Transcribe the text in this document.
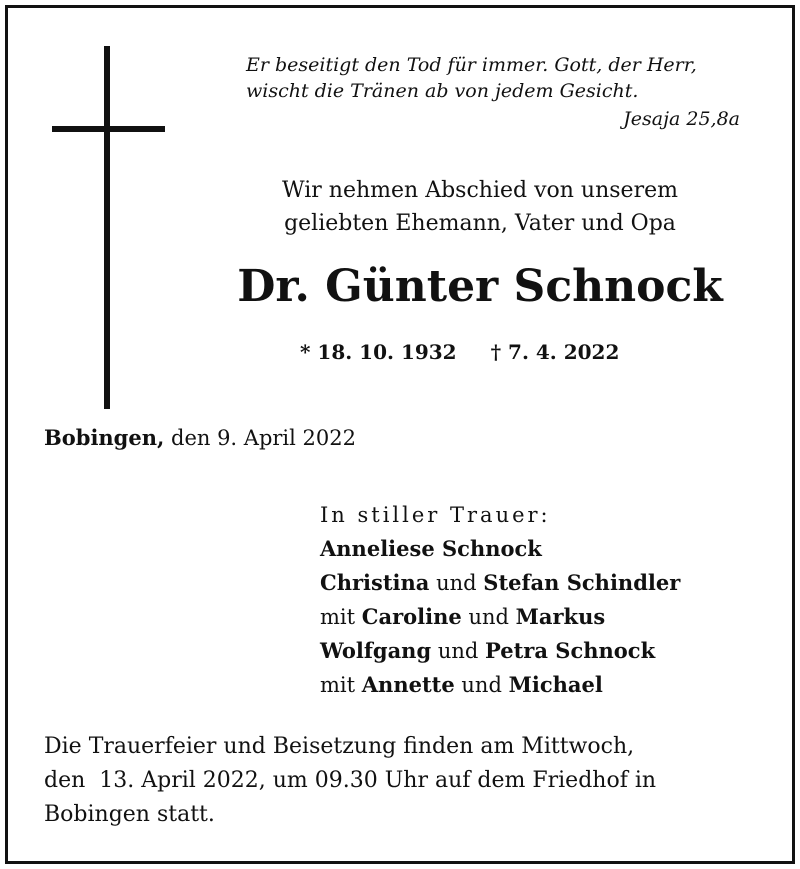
Er beseitigt den Tod für immer. Gott, der Herr,
wischt die Tränen ab von jedem Gesicht.
Jesaja 25,8a
Wir nehmen Abschied von unserem
geliebten Ehemann, Vater und Opa
Dr. Günter Schnock
* 18. 10. 1932 † 7. 4. 2022
Bobingen, den 9. April 2022
In stiller Trauer:
Anneliese Schnock
Christina und Stefan Schindler
mit Caroline und Markus
Wolfgang und Petra Schnock
mit Annette und Michael
Die Trauerfeier und Beisetzung finden am Mittwoch,
den  13. April 2022, um 09.30 Uhr auf dem Friedhof in
Bobingen statt.
